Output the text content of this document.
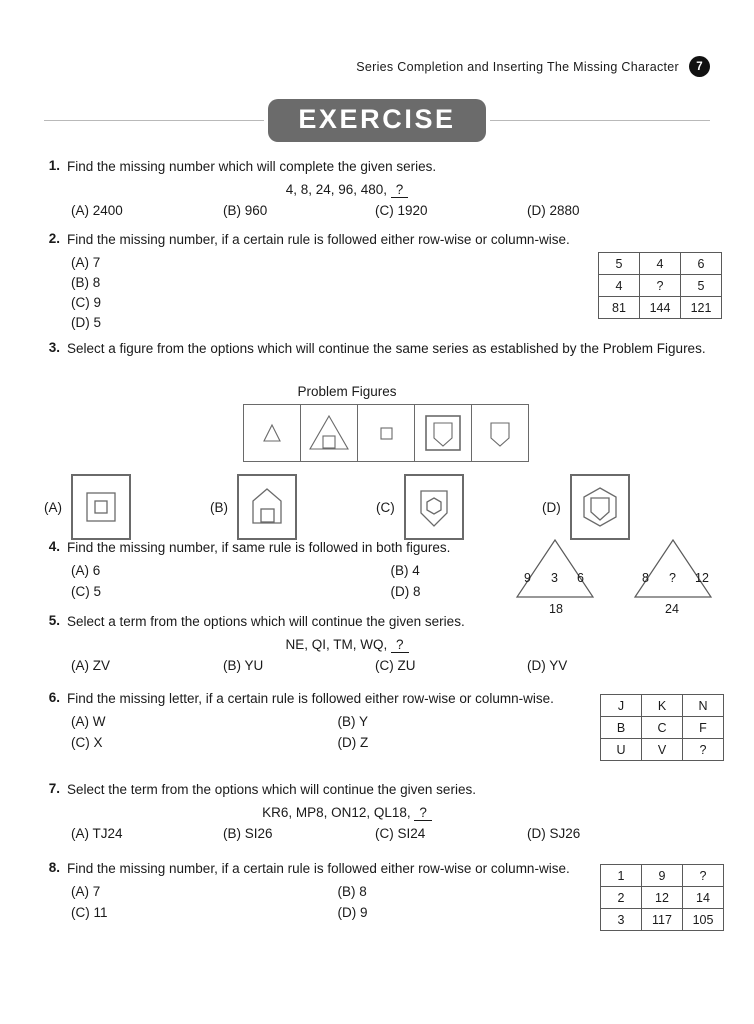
Series Completion and Inserting The Missing Character	7
EXERCISE
1. Find the missing number which will complete the given series.
4, 8, 24, 96, 480, ?
(A) 2400	(B) 960	(C) 1920	(D) 2880
2. Find the missing number, if a certain rule is followed either row-wise or column-wise.
(A) 7
(B) 8
(C) 9
(D) 5
5	4	6
4	?	5
81	144	121
3. Select a figure from the options which will continue the same series as established by the Problem Figures.
Problem Figures
(A)	(B)	(C)	(D)
4. Find the missing number, if same rule is followed in both figures.
(A) 6	(B) 4
(C) 5	(D) 8
9 3 6
18
8 ? 12
24
5. Select a term from the options which will continue the given series.
NE, QI, TM, WQ, ?
(A) ZV	(B) YU	(C) ZU	(D) YV
6. Find the missing letter, if a certain rule is followed either row-wise or column-wise.
(A) W	(B) Y
(C) X	(D) Z
J	K	N
B	C	F
U	V	?
7. Select the term from the options which will continue the given series.
KR6, MP8, ON12, QL18, ?
(A) TJ24	(B) SI26	(C) SI24	(D) SJ26
8. Find the missing number, if a certain rule is followed either row-wise or column-wise.
(A) 7	(B) 8
(C) 11	(D) 9
1	9	?
2	12	14
3	117	105
